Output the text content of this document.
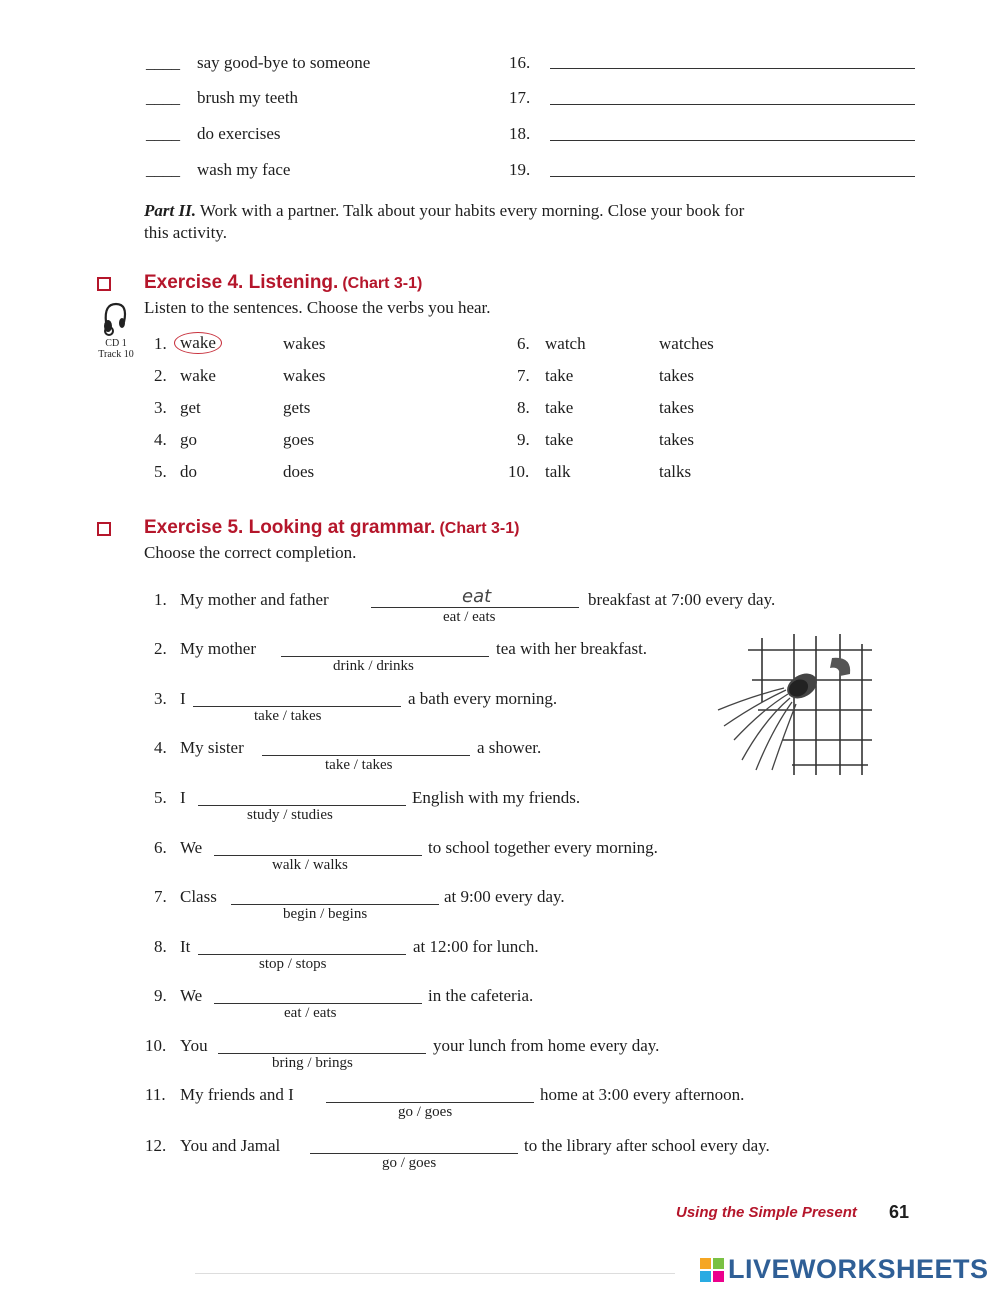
____ say good-bye to someone	16.
____ brush my teeth	17.
____ do exercises	18.
____ wash my face	19.
Part II. Work with a partner. Talk about your habits every morning. Close your book for
this activity.
Exercise 4. Listening. (Chart 3-1)
Listen to the sentences. Choose the verbs you hear.
CD 1
Track 10
1. wake	wakes
2. wake	wakes
3. get	gets
4. go	goes
5. do	does
6. watch	watches
7. take	takes
8. take	takes
9. take	takes
10. talk	talks
Exercise 5. Looking at grammar. (Chart 3-1)
Choose the correct completion.
1. My mother and father	eat	breakfast at 7:00 every day.
eat / eats
2. My mother	tea with her breakfast.
drink / drinks
3. I	a bath every morning.
take / takes
4. My sister	a shower.
take / takes
5. I	English with my friends.
study / studies
6. We	to school together every morning.
walk / walks
7. Class	at 9:00 every day.
begin / begins
8. It	at 12:00 for lunch.
stop / stops
9. We	in the cafeteria.
eat / eats
10. You	your lunch from home every day.
bring / brings
11. My friends and I	home at 3:00 every afternoon.
go / goes
12. You and Jamal	to the library after school every day.
go / goes
Using the Simple Present 61
LIVEWORKSHEETS
